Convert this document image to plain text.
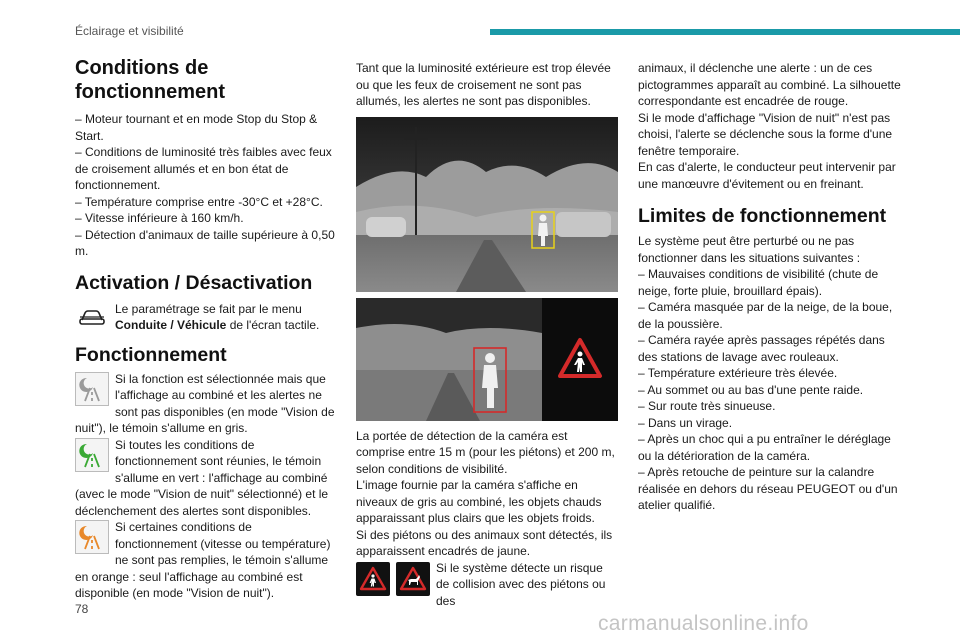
Éclairage et visibilité
Conditions de fonctionnement

– Moteur tournant et en mode Stop du Stop & Start.

– Conditions de luminosité très faibles avec feux de croisement allumés et en bon état de fonctionnement.

– Température comprise entre -30°C et +28°C.

– Vitesse inférieure à 160 km/h.

– Détection d'animaux de taille supérieure à 0,50 m.

Activation / Désactivation

Le paramétrage se fait par le menu Conduite / Véhicule de l'écran tactile.

Fonctionnement

Si la fonction est sélectionnée mais que l'affichage au combiné et les alertes ne sont pas disponibles (en mode "Vision de nuit"), le témoin s'allume en gris.

Si toutes les conditions de fonctionnement sont réunies, le témoin s'allume en vert : l'affichage au combiné (avec le mode "Vision de nuit" sélectionné) et le déclenchement des alertes sont disponibles.

Si certaines conditions de fonctionnement (vitesse ou température) ne sont pas remplies, le témoin s'allume en orange : seul l'affichage au combiné est disponible (en mode "Vision de nuit").

Tant que la luminosité extérieure est trop élevée ou que les feux de croisement ne sont pas allumés, les alertes ne sont pas disponibles.

La portée de détection de la caméra est comprise entre 15 m (pour les piétons) et 200 m, selon conditions de visibilité.

L'image fournie par la caméra s'affiche en niveaux de gris au combiné, les objets chauds apparaissant plus clairs que les objets froids.

Si des piétons ou des animaux sont détectés, ils apparaissent encadrés de jaune.

Si le système détecte un risque de collision avec des piétons ou des

animaux, il déclenche une alerte : un de ces pictogrammes apparaît au combiné. La silhouette correspondante est encadrée de rouge.

Si le mode d'affichage "Vision de nuit" n'est pas choisi, l'alerte se déclenche sous la forme d'une fenêtre temporaire.

En cas d'alerte, le conducteur peut intervenir par une manœuvre d'évitement ou en freinant.

Limites de fonctionnement

Le système peut être perturbé ou ne pas fonctionner dans les situations suivantes :

– Mauvaises conditions de visibilité (chute de neige, forte pluie, brouillard épais).

– Caméra masquée par de la neige, de la boue, de la poussière.

– Caméra rayée après passages répétés dans des stations de lavage avec rouleaux.

– Température extérieure très élevée.

– Au sommet ou au bas d'une pente raide.

– Sur route très sinueuse.

– Dans un virage.

– Après un choc qui a pu entraîner le déréglage ou la détérioration de la caméra.

– Après retouche de peinture sur la calandre réalisée en dehors du réseau PEUGEOT ou d'un atelier qualifié.

78
carmanualsonline.info
